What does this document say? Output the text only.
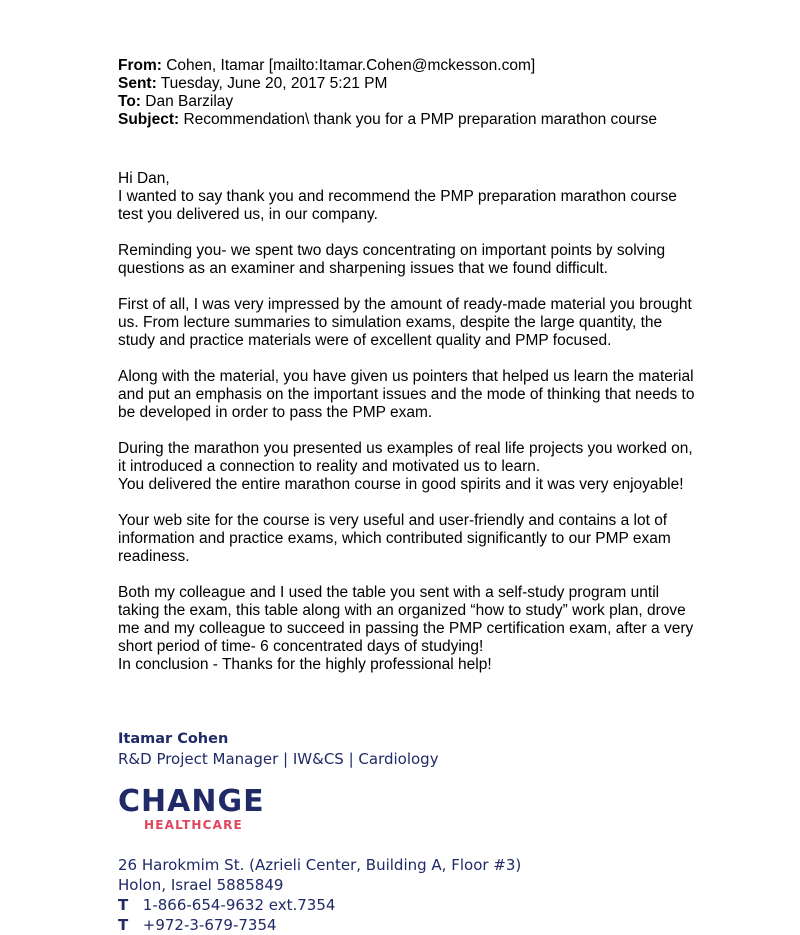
From: Cohen, Itamar [mailto:Itamar.Cohen@mckesson.com]
Sent: Tuesday, June 20, 2017 5:21 PM
To: Dan Barzilay
Subject: Recommendation\ thank you for a PMP preparation marathon course

Hi Dan,
I wanted to say thank you and recommend the PMP preparation marathon course test you delivered us, in our company.

Reminding you- we spent two days concentrating on important points by solving questions as an examiner and sharpening issues that we found difficult.

First of all, I was very impressed by the amount of ready-made material you brought us. From lecture summaries to simulation exams, despite the large quantity, the study and practice materials were of excellent quality and PMP focused.

Along with the material, you have given us pointers that helped us learn the material and put an emphasis on the important issues and the mode of thinking that needs to be developed in order to pass the PMP exam.

During the marathon you presented us examples of real life projects you worked on, it introduced a connection to reality and motivated us to learn.
You delivered the entire marathon course in good spirits and it was very enjoyable!

Your web site for the course is very useful and user-friendly and contains a lot of information and practice exams, which contributed significantly to our PMP exam readiness.

Both my colleague and I used the table you sent with a self-study program until taking the exam, this table along with an organized “how to study” work plan, drove me and my colleague to succeed in passing the PMP certification exam, after a very short period of time- 6 concentrated days of studying!
In conclusion - Thanks for the highly professional help!

Itamar Cohen
R&D Project Manager | IW&CS | Cardiology
CHANGE
HEALTHCARE
26 Harokmim St. (Azrieli Center, Building A, Floor #3)
Holon, Israel 5885849
T 1-866-654-9632 ext.7354
T +972-3-679-7354
